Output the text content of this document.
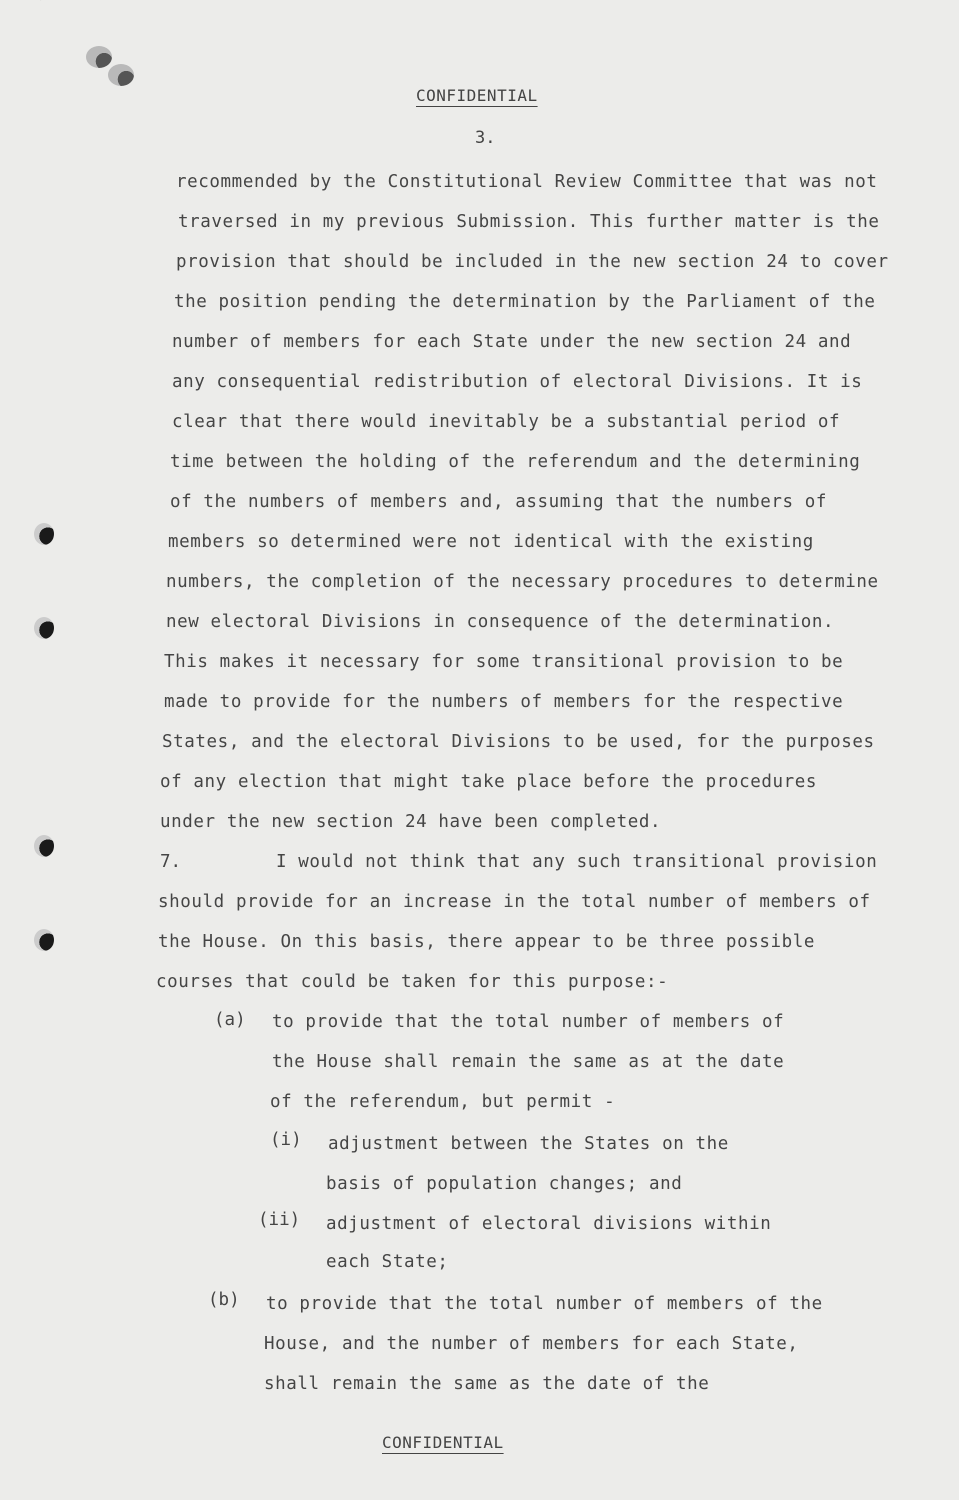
CONFIDENTIAL
3.
recommended by the Constitutional Review Committee that was not
traversed in my previous Submission. This further matter is the
provision that should be included in the new section 24 to cover
the position pending the determination by the Parliament of the
number of members for each State under the new section 24 and
any consequential redistribution of electoral Divisions. It is
clear that there would inevitably be a substantial period of
time between the holding of the referendum and the determining
of the numbers of members and, assuming that the numbers of
members so determined were not identical with the existing
numbers, the completion of the necessary procedures to determine
new electoral Divisions in consequence of the determination.
This makes it necessary for some transitional provision to be
made to provide for the numbers of members for the respective
States, and the electoral Divisions to be used, for the purposes
of any election that might take place before the procedures
under the new section 24 have been completed.
7.	I would not think that any such transitional provision
should provide for an increase in the total number of members of
the House. On this basis, there appear to be three possible
courses that could be taken for this purpose:-
(a) to provide that the total number of members of
the House shall remain the same as at the date
of the referendum, but permit -
(i) adjustment between the States on the
basis of population changes; and
(ii) adjustment of electoral divisions within
each State;
(b) to provide that the total number of members of the
House, and the number of members for each State,
shall remain the same as the date of the
CONFIDENTIAL
